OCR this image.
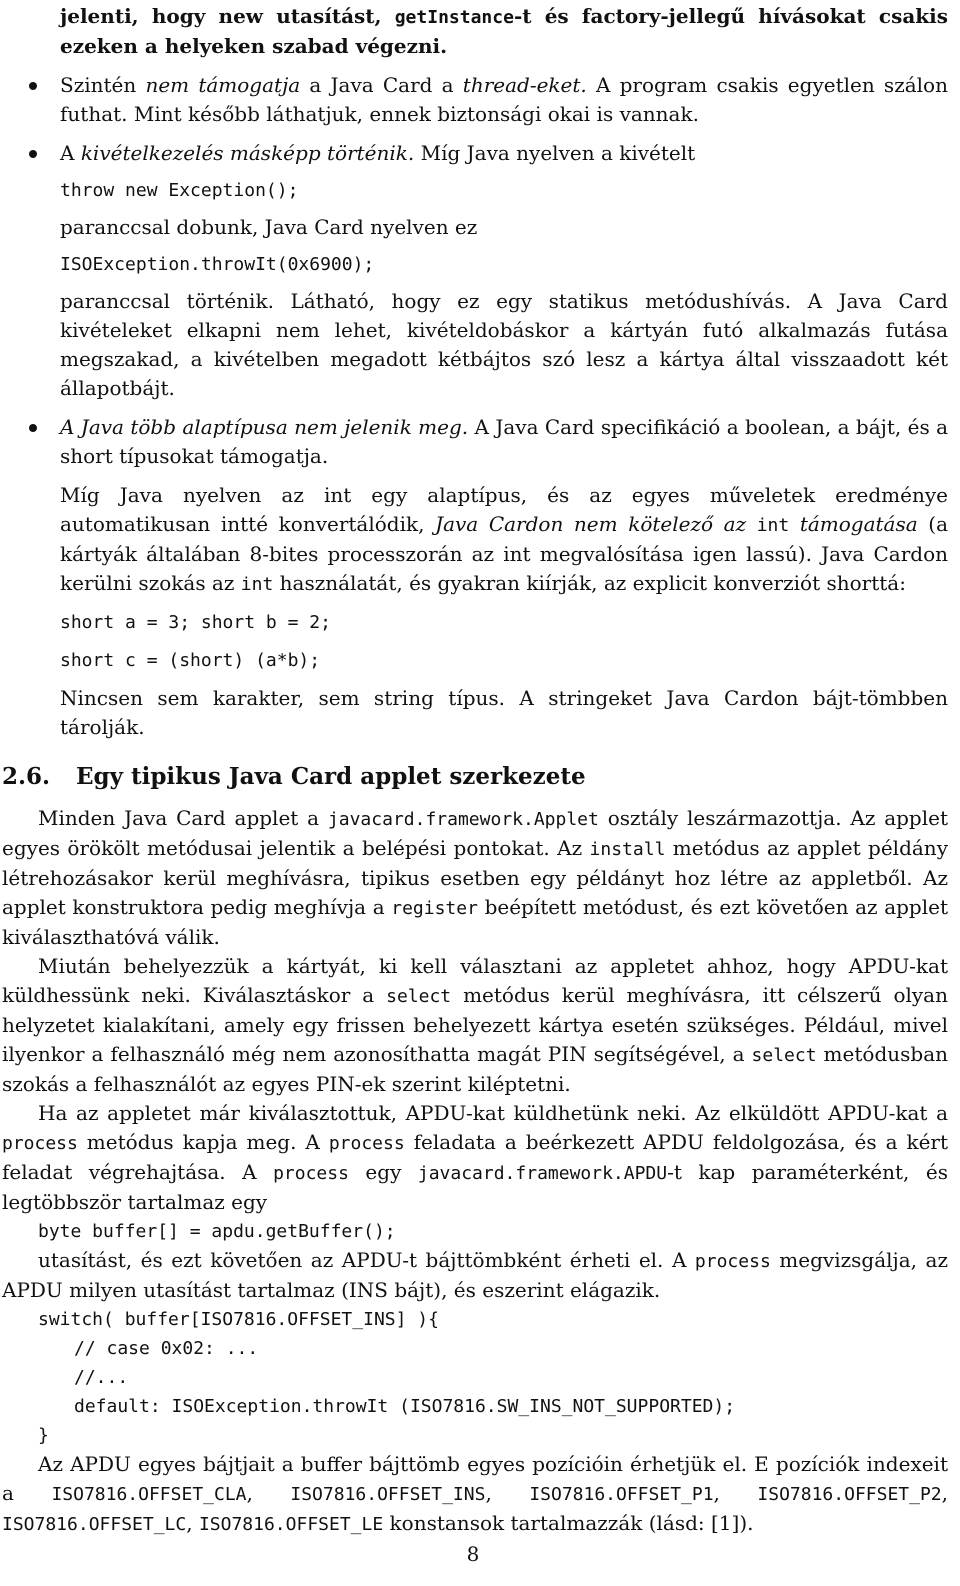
jelenti, hogy new utasítást, getInstance-t és factory-jellegű hívásokat csakis ezeken a helyeken szabad végezni.

Szintén nem támogatja a Java Card a thread-eket. A program csakis egyetlen szálon futhat. Mint később láthatjuk, ennek biztonsági okai is vannak.

A kivételkezelés másképp történik. Míg Java nyelven a kivételt

throw new Exception();

paranccsal dobunk, Java Card nyelven ez

ISOException.throwIt(0x6900);

paranccsal történik. Látható, hogy ez egy statikus metódushívás. A Java Card kivételeket elkapni nem lehet, kivételdobáskor a kártyán futó alkalmazás futása megszakad, a kivételben megadott kétbájtos szó lesz a kártya által visszaadott két állapotbájt.

A Java több alaptípusa nem jelenik meg. A Java Card specifikáció a boolean, a bájt, és a short típusokat támogatja.

Míg Java nyelven az int egy alaptípus, és az egyes műveletek eredménye automatikusan intté konvertálódik, Java Cardon nem kötelező az int támogatása (a kártyák általában 8-bites processzorán az int megvalósítása igen lassú). Java Cardon kerülni szokás az int használatát, és gyakran kiírják, az explicit konverziót shorttá:

short a = 3; short b = 2;
short c = (short) (a*b);

Nincsen sem karakter, sem string típus. A stringeket Java Cardon bájt-tömbben tárolják.

2.6. Egy tipikus Java Card applet szerkezete

Minden Java Card applet a javacard.framework.Applet osztály leszármazottja. Az applet egyes örökölt metódusai jelentik a belépési pontokat. Az install metódus az applet példány létrehozásakor kerül meghívásra, tipikus esetben egy példányt hoz létre az appletből. Az applet konstruktora pedig meghívja a register beépített metódust, és ezt követően az applet kiválaszthatóvá válik.

Miután behelyezzük a kártyát, ki kell választani az appletet ahhoz, hogy APDU-kat küldhessünk neki. Kiválasztáskor a select metódus kerül meghívásra, itt célszerű olyan helyzetet kialakítani, amely egy frissen behelyezett kártya esetén szükséges. Például, mivel ilyenkor a felhasználó még nem azonosíthatta magát PIN segítségével, a select metódusban szokás a felhasználót az egyes PIN-ek szerint kiléptetni.

Ha az appletet már kiválasztottuk, APDU-kat küldhetünk neki. Az elküldött APDU-kat a process metódus kapja meg. A process feladata a beérkezett APDU feldolgozása, és a kért feladat végrehajtása. A process egy javacard.framework.APDU-t kap paraméterként, és legtöbbször tartalmaz egy

byte buffer[] = apdu.getBuffer();

utasítást, és ezt követően az APDU-t bájttömbként érheti el. A process megvizsgálja, az APDU milyen utasítást tartalmaz (INS bájt), és eszerint elágazik.

switch( buffer[ISO7816.OFFSET_INS] ){
// case 0x02: ...
//...
default: ISOException.throwIt (ISO7816.SW_INS_NOT_SUPPORTED);
}

Az APDU egyes bájtjait a buffer bájttömb egyes pozícióin érhetjük el. E pozíciók indexeit a ISO7816.OFFSET_CLA, ISO7816.OFFSET_INS, ISO7816.OFFSET_P1, ISO7816.OFFSET_P2, ISO7816.OFFSET_LC, ISO7816.OFFSET_LE konstansok tartalmazzák (lásd: [1]).

8
